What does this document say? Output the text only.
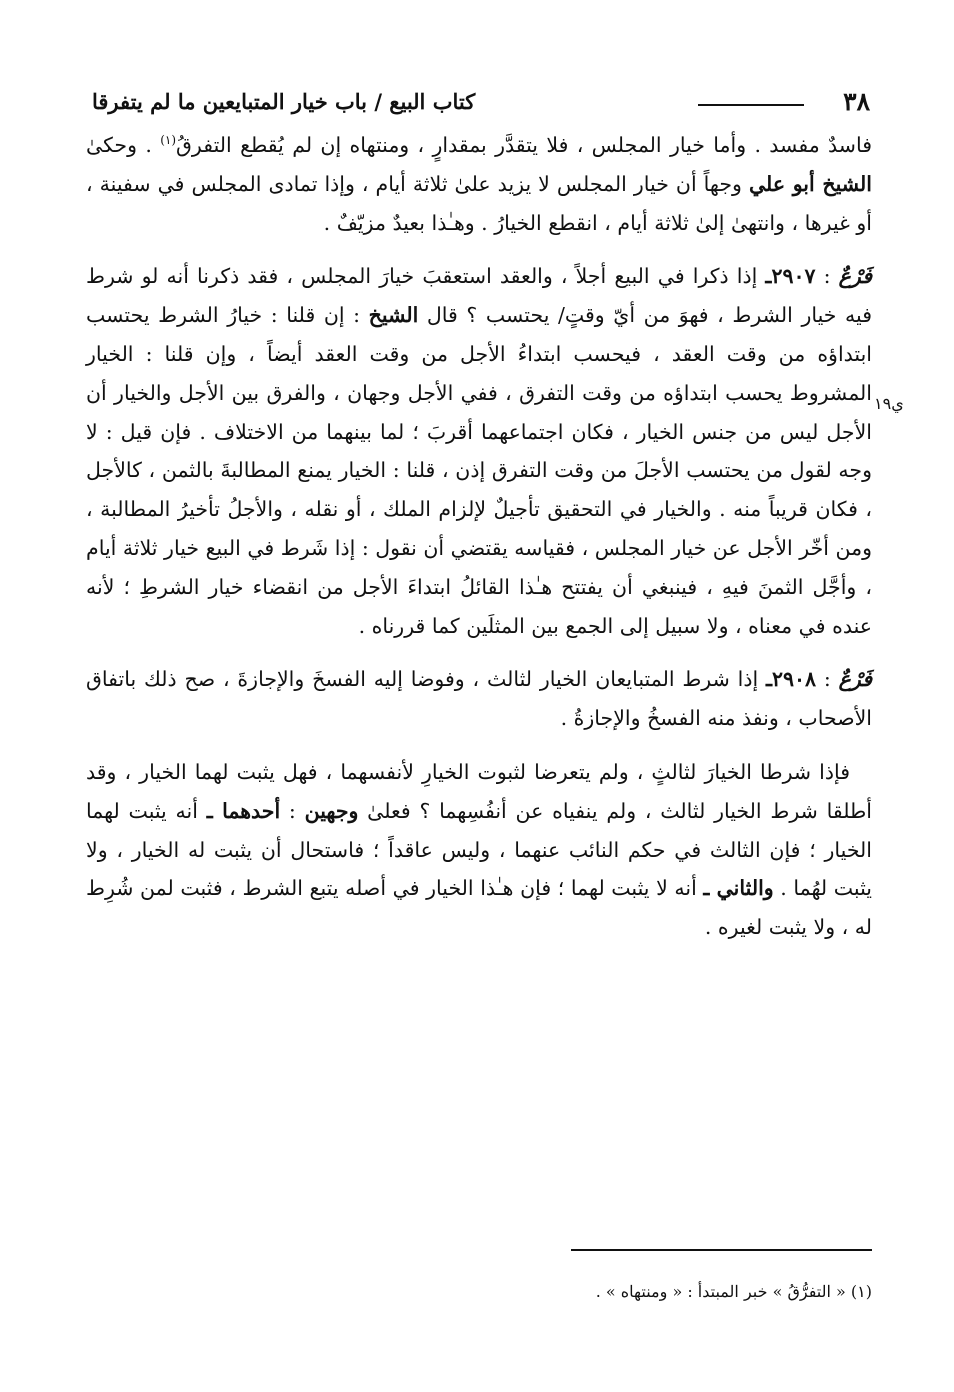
٣٨
كتاب البيع / باب خيار المتبايعين ما لم يتفرقا
ي١٩

فاسدٌ مفسد . وأما خيار المجلس ، فلا يتقدَّر بمقدارٍ ، ومنتهاه إن لم يُقطع التفرقُ$^{(١)}$ . وحكىٰ الشيخ أبو علي وجهاً أن خيار المجلس لا يزيد علىٰ ثلاثة أيام ، وإذا تمادى المجلس في سفينة ، أو غيرها ، وانتهىٰ إلىٰ ثلاثة أيام ، انقطع الخيارُ . وهـٰذا بعيدٌ مزيّفٌ .

فَرْعٌ : ٢٩٠٧ـ إذا ذكرا في البيع أجلاً ، والعقد استعقبَ خيارَ المجلس ، فقد ذكرنا أنه لو شرط فيه خيار الشرط ، فهوَ من أيّ وقتٍ/ يحتسب ؟ قال الشيخ : إن قلنا : خيارُ الشرط يحتسب ابتداؤه من وقت العقد ، فيحسب ابتداءُ الأجل من وقت العقد أيضاً ، وإن قلنا : الخيار المشروط يحسب ابتداؤه من وقت التفرق ، ففي الأجل وجهان ، والفرق بين الأجل والخيار أن الأجل ليس من جنس الخيار ، فكان اجتماعهما أقربَ ؛ لما بينهما من الاختلاف . فإن قيل : لا وجه لقول من يحتسب الأجلَ من وقت التفرق إذن ، قلنا : الخيار يمنع المطالبةَ بالثمن ، كالأجل ، فكان قريباً منه . والخيار في التحقيق تأجيلٌ لإلزام الملك ، أو نقله ، والأجلُ تأخيرُ المطالبة ، ومن أخّر الأجل عن خيار المجلس ، فقياسه يقتضي أن نقول : إذا شَرط في البيع خيار ثلاثة أيام ، وأجَّل الثمنَ فيهِ ، فينبغي أن يفتتح هـٰذا القائلُ ابتداءَ الأجل من انقضاء خيار الشرطِ ؛ لأنه عنده في معناه ، ولا سبيل إلى الجمع بين المثلَين كما قررناه .

فَرْعٌ : ٢٩٠٨ـ إذا شرط المتبايعان الخيار لثالث ، وفوضا إليه الفسخَ والإجازةَ ، صح ذلك باتفاق الأصحاب ، ونفذ منه الفسخُ والإجازةُ .

فإذا شرطا الخيارَ لثالثٍ ، ولم يتعرضا لثبوت الخيارِ لأنفسهما ، فهل يثبت لهما الخيار ، وقد أطلقا شرط الخيار لثالث ، ولم ينفياه عن أنفُسِهما ؟ فعلىٰ وجهين : أحدهما ـ أنه يثبت لهما الخيار ؛ فإن الثالث في حكم النائب عنهما ، وليس عاقداً ؛ فاستحال أن يثبت له الخيار ، ولا يثبت لهُما . والثاني ـ أنه لا يثبت لهما ؛ فإن هـٰذا الخيار في أصله يتبع الشرط ، فثبت لمن شُرِط له ، ولا يثبت لغيره .

(١) « التفرُّقُ » خبر المبتدأ : « ومنتهاه » .
